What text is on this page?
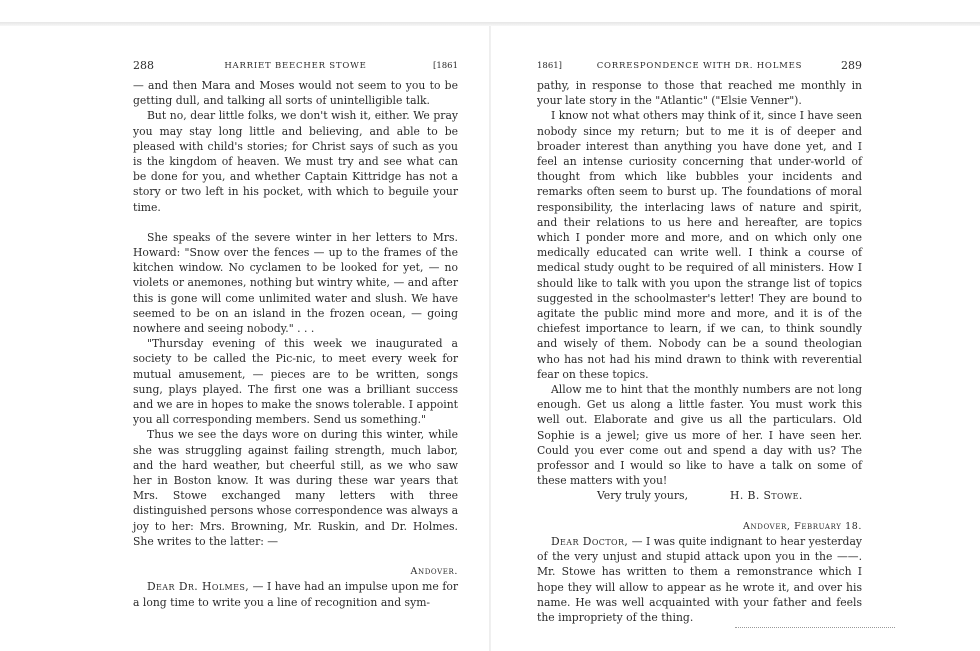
288	HARRIET BEECHER STOWE	[1861

— and then Mara and Moses would not seem to you to be getting dull, and talking all sorts of unintelligible talk.

But no, dear little folks, we don't wish it, either. We pray you may stay long little and believing, and able to be pleased with child's stories; for Christ says of such as you is the kingdom of heaven. We must try and see what can be done for you, and whether Captain Kittridge has not a story or two left in his pocket, with which to beguile your time.

She speaks of the severe winter in her letters to Mrs. Howard: "Snow over the fences — up to the frames of the kitchen window. No cyclamen to be looked for yet, — no violets or anemones, nothing but wintry white, — and after this is gone will come unlimited water and slush. We have seemed to be on an island in the frozen ocean, — going nowhere and seeing nobody." . . .

"Thursday evening of this week we inaugurated a society to be called the Pic-nic, to meet every week for mutual amusement, — pieces are to be written, songs sung, plays played. The first one was a brilliant success and we are in hopes to make the snows tolerable. I appoint you all corresponding members. Send us something."

Thus we see the days wore on during this winter, while she was struggling against failing strength, much labor, and the hard weather, but cheerful still, as we who saw her in Boston know. It was during these war years that Mrs. Stowe exchanged many letters with three distinguished persons whose correspondence was always a joy to her: Mrs. Browning, Mr. Ruskin, and Dr. Holmes. She writes to the latter: —

Andover.

Dear Dr. Holmes, — I have had an impulse upon me for a long time to write you a line of recognition and sym-

1861]	CORRESPONDENCE WITH DR. HOLMES	289

pathy, in response to those that reached me monthly in your late story in the "Atlantic" ("Elsie Venner").

I know not what others may think of it, since I have seen nobody since my return; but to me it is of deeper and broader interest than anything you have done yet, and I feel an intense curiosity concerning that under-world of thought from which like bubbles your incidents and remarks often seem to burst up. The foundations of moral responsibility, the interlacing laws of nature and spirit, and their relations to us here and hereafter, are topics which I ponder more and more, and on which only one medically educated can write well. I think a course of medical study ought to be required of all ministers. How I should like to talk with you upon the strange list of topics suggested in the schoolmaster's letter! They are bound to agitate the public mind more and more, and it is of the chiefest importance to learn, if we can, to think soundly and wisely of them. Nobody can be a sound theologian who has not had his mind drawn to think with reverential fear on these topics.

Allow me to hint that the monthly numbers are not long enough. Get us along a little faster. You must work this well out. Elaborate and give us all the particulars. Old Sophie is a jewel; give us more of her. I have seen her. Could you ever come out and spend a day with us? The professor and I would so like to have a talk on some of these matters with you!

Very truly yours,	H. B. Stowe.

Andover, February 18.

Dear Doctor, — I was quite indignant to hear yesterday of the very unjust and stupid attack upon you in the ——. Mr. Stowe has written to them a remonstrance which I hope they will allow to appear as he wrote it, and over his name. He was well acquainted with your father and feels the impropriety of the thing.
